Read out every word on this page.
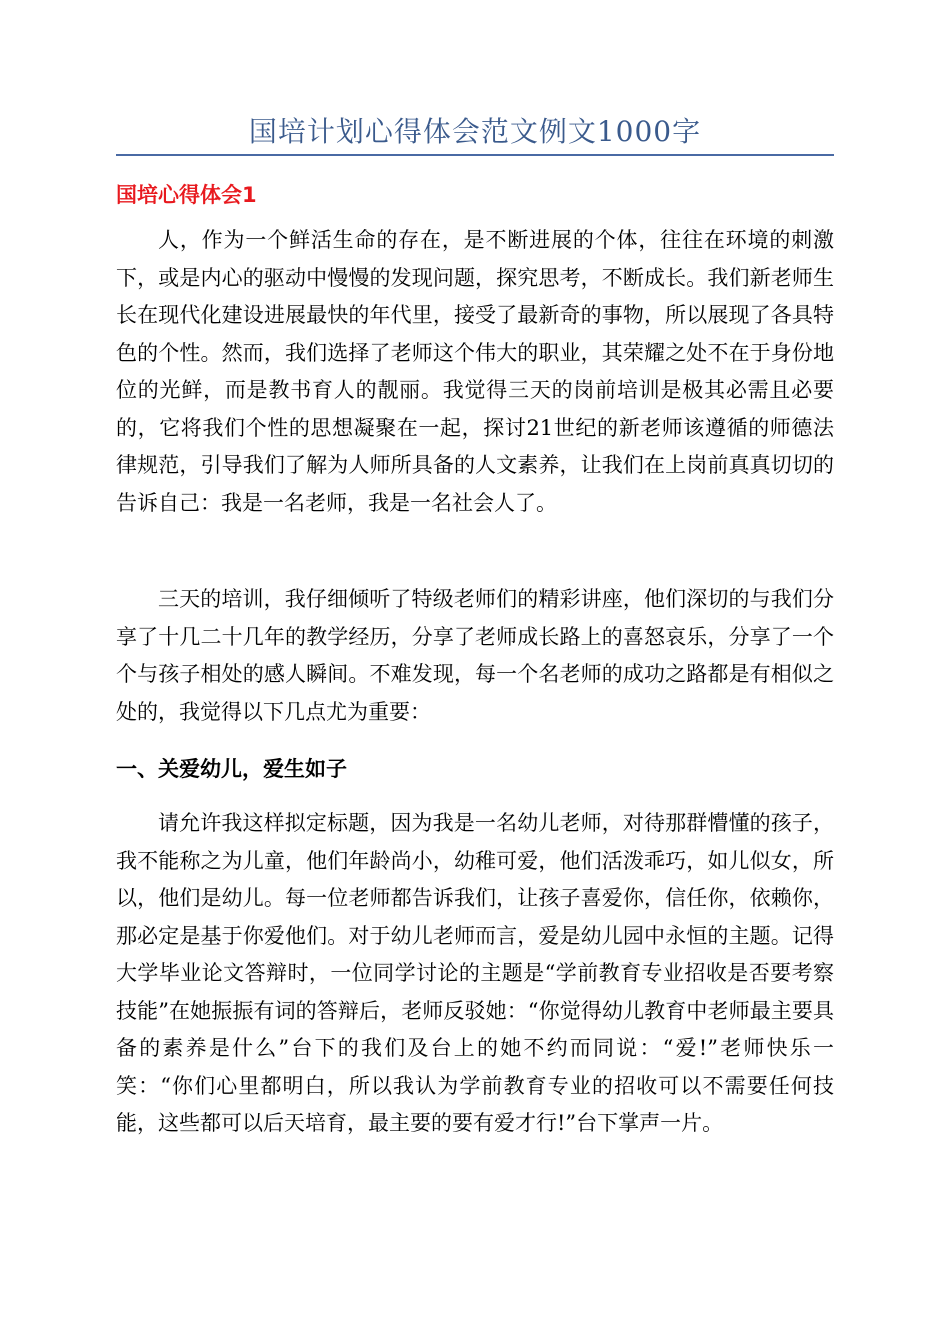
国培计划心得体会范文例文1000字
国培心得体会1

人，作为一个鲜活生命的存在，是不断进展的个体，往往在环境的刺激下，或是内心的驱动中慢慢的发现问题，探究思考，不断成长。我们新老师生长在现代化建设进展最快的年代里，接受了最新奇的事物，所以展现了各具特色的个性。然而，我们选择了老师这个伟大的职业，其荣耀之处不在于身份地位的光鲜，而是教书育人的靓丽。我觉得三天的岗前培训是极其必需且必要的，它将我们个性的思想凝聚在一起，探讨21世纪的新老师该遵循的师德法律规范，引导我们了解为人师所具备的人文素养，让我们在上岗前真真切切的告诉自己：我是一名老师，我是一名社会人了。

三天的培训，我仔细倾听了特级老师们的精彩讲座，他们深切的与我们分享了十几二十几年的教学经历，分享了老师成长路上的喜怒哀乐，分享了一个个与孩子相处的感人瞬间。不难发现，每一个名老师的成功之路都是有相似之处的，我觉得以下几点尤为重要：

一、关爱幼儿，爱生如子

请允许我这样拟定标题，因为我是一名幼儿老师，对待那群懵懂的孩子，我不能称之为儿童，他们年龄尚小，幼稚可爱，他们活泼乖巧，如儿似女，所以，他们是幼儿。每一位老师都告诉我们，让孩子喜爱你，信任你，依赖你，那必定是基于你爱他们。对于幼儿老师而言，爱是幼儿园中永恒的主题。记得大学毕业论文答辩时，一位同学讨论的主题是“学前教育专业招收是否要考察技能”在她振振有词的答辩后，老师反驳她：“你觉得幼儿教育中老师最主要具备的素养是什么”台下的我们及台上的她不约而同说：“爱!”老师快乐一笑：“你们心里都明白，所以我认为学前教育专业的招收可以不需要任何技能，这些都可以后天培育，最主要的要有爱才行!”台下掌声一片。
